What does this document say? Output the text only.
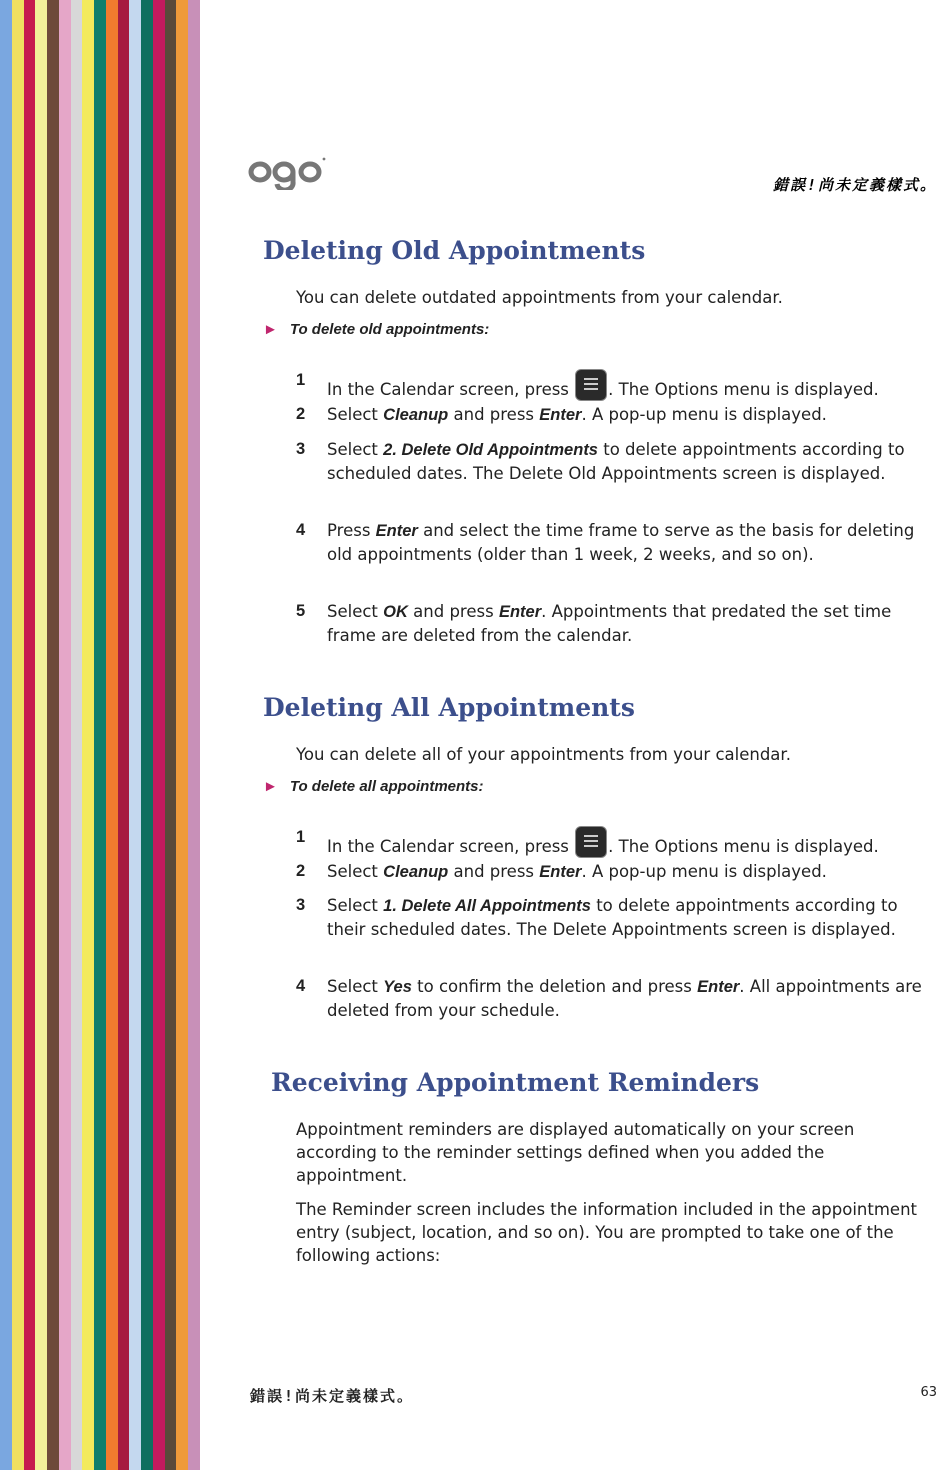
錯誤!尚未定義樣式。
Deleting Old Appointments

You can delete outdated appointments from your calendar.

► To delete old appointments:
1 In the Calendar screen, press
. The Options menu is displayed.
2 Select Cleanup and press Enter. A pop-up menu is displayed.
3 Select 2. Delete Old Appointments to delete appointments according to scheduled dates. The Delete Old Appointments screen is displayed.
4 Press Enter and select the time frame to serve as the basis for deleting old appointments (older than 1 week, 2 weeks, and so on).
5 Select OK and press Enter. Appointments that predated the set time frame are deleted from the calendar.
Deleting All Appointments

You can delete all of your appointments from your calendar.

► To delete all appointments:
1 In the Calendar screen, press
. The Options menu is displayed.
2 Select Cleanup and press Enter. A pop-up menu is displayed.
3 Select 1. Delete All Appointments to delete appointments according to their scheduled dates. The Delete Appointments screen is displayed.
4 Select Yes to confirm the deletion and press Enter. All appointments are deleted from your schedule.
Receiving Appointment Reminders

Appointment reminders are displayed automatically on your screen according to the reminder settings defined when you added the appointment.

The Reminder screen includes the information included in the appointment entry (subject, location, and so on). You are prompted to take one of the following actions:

錯誤!尚未定義樣式。	63
